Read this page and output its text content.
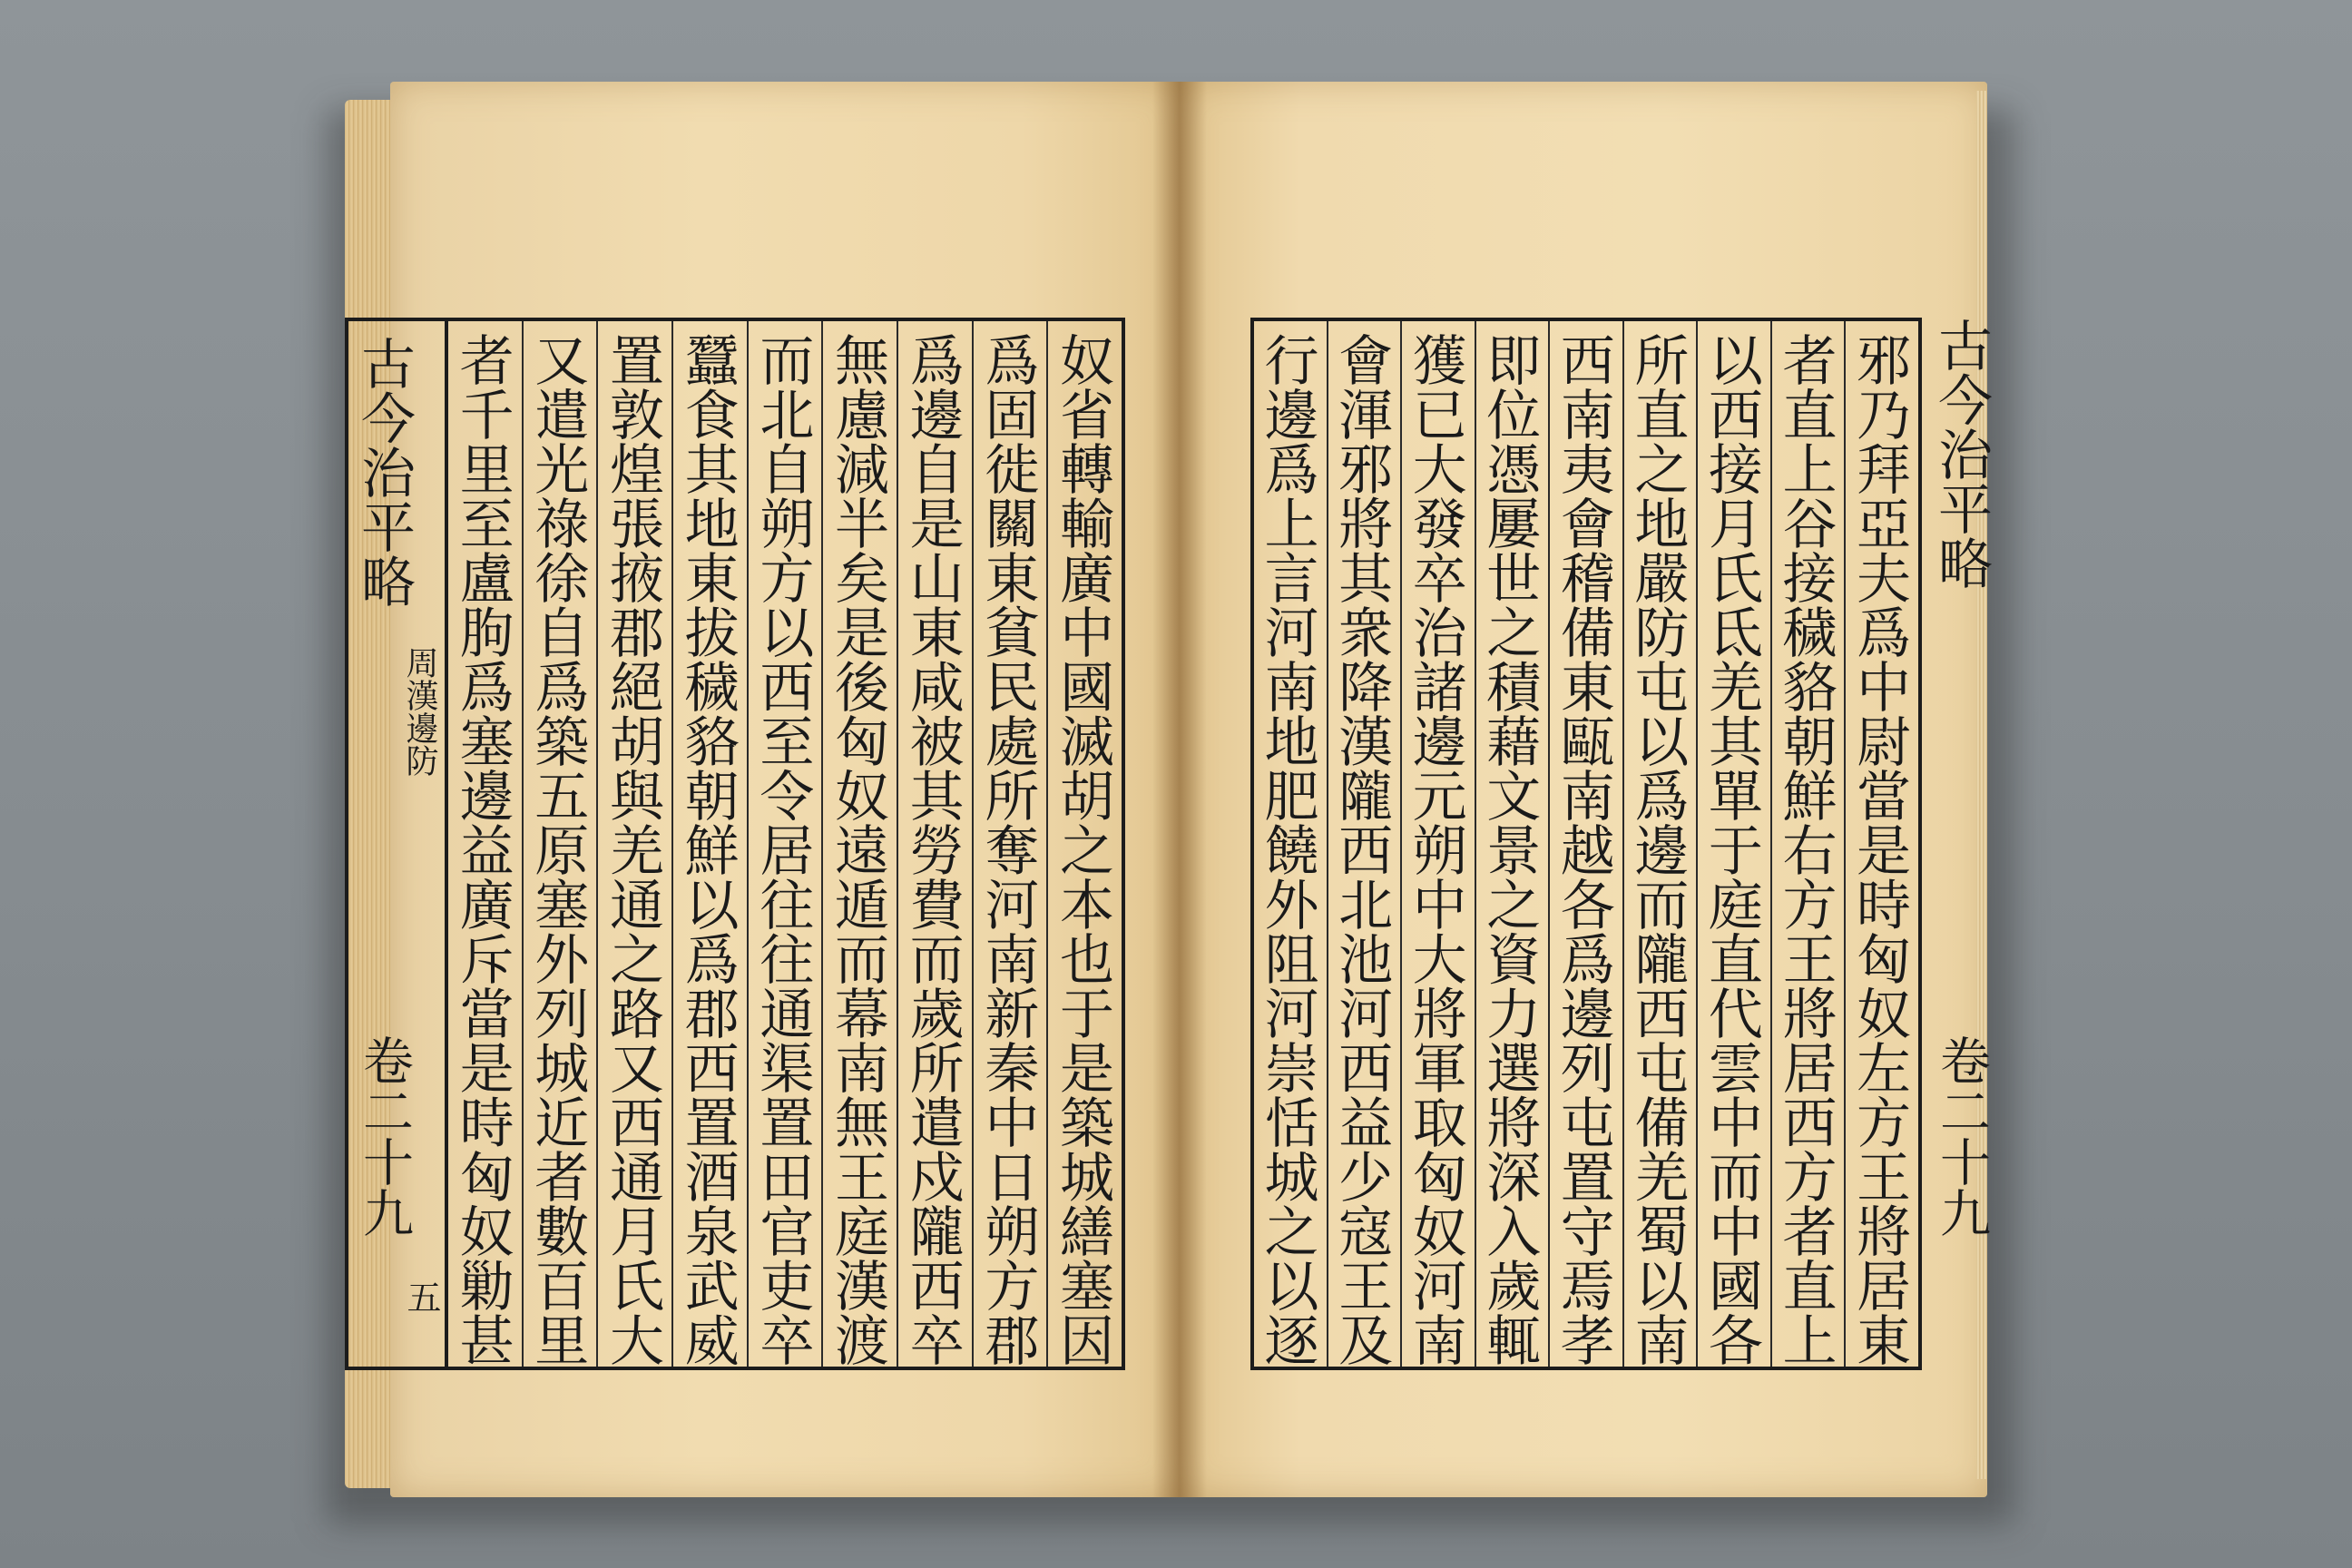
古今治平略
周漢邊防
卷二十九
五
奴省轉輸廣中國滅胡之本也于是築城繕塞因
爲固徙關東貧民處所奪河南新秦中日朔方郡
爲邊自是山東咸被其勞費而歲所遣戍隴西卒
無慮減半矣是後匈奴遠遁而幕南無王庭漢渡
而北自朔方以西至令居往往通渠置田官吏卒
蠶食其地東拔穢貉朝鮮以爲郡西置酒泉武威
置敦煌張掖郡絕胡與羌通之路又西通月氏大
又遣光祿徐自爲築五原塞外列城近者數百里
者千里至盧朐爲塞邊益廣斥當是時匈奴勦甚
邪乃拜亞夫爲中尉當是時匈奴左方王將居東
者直上谷接穢貉朝鮮右方王將居西方者直上
以西接月氏氐羌其單于庭直代雲中而中國各
所直之地嚴防屯以爲邊而隴西屯備羌蜀以南
西南夷會稽備東甌南越各爲邊列屯置守焉孝
即位憑屢世之積藉文景之資力選將深入歲輒
獲已大發卒治諸邊元朔中大將軍取匈奴河南
會渾邪將其衆降漢隴西北池河西益少寇王及
行邊爲上言河南地肥饒外阻河崇恬城之以逐
古今治平略
卷二十九
